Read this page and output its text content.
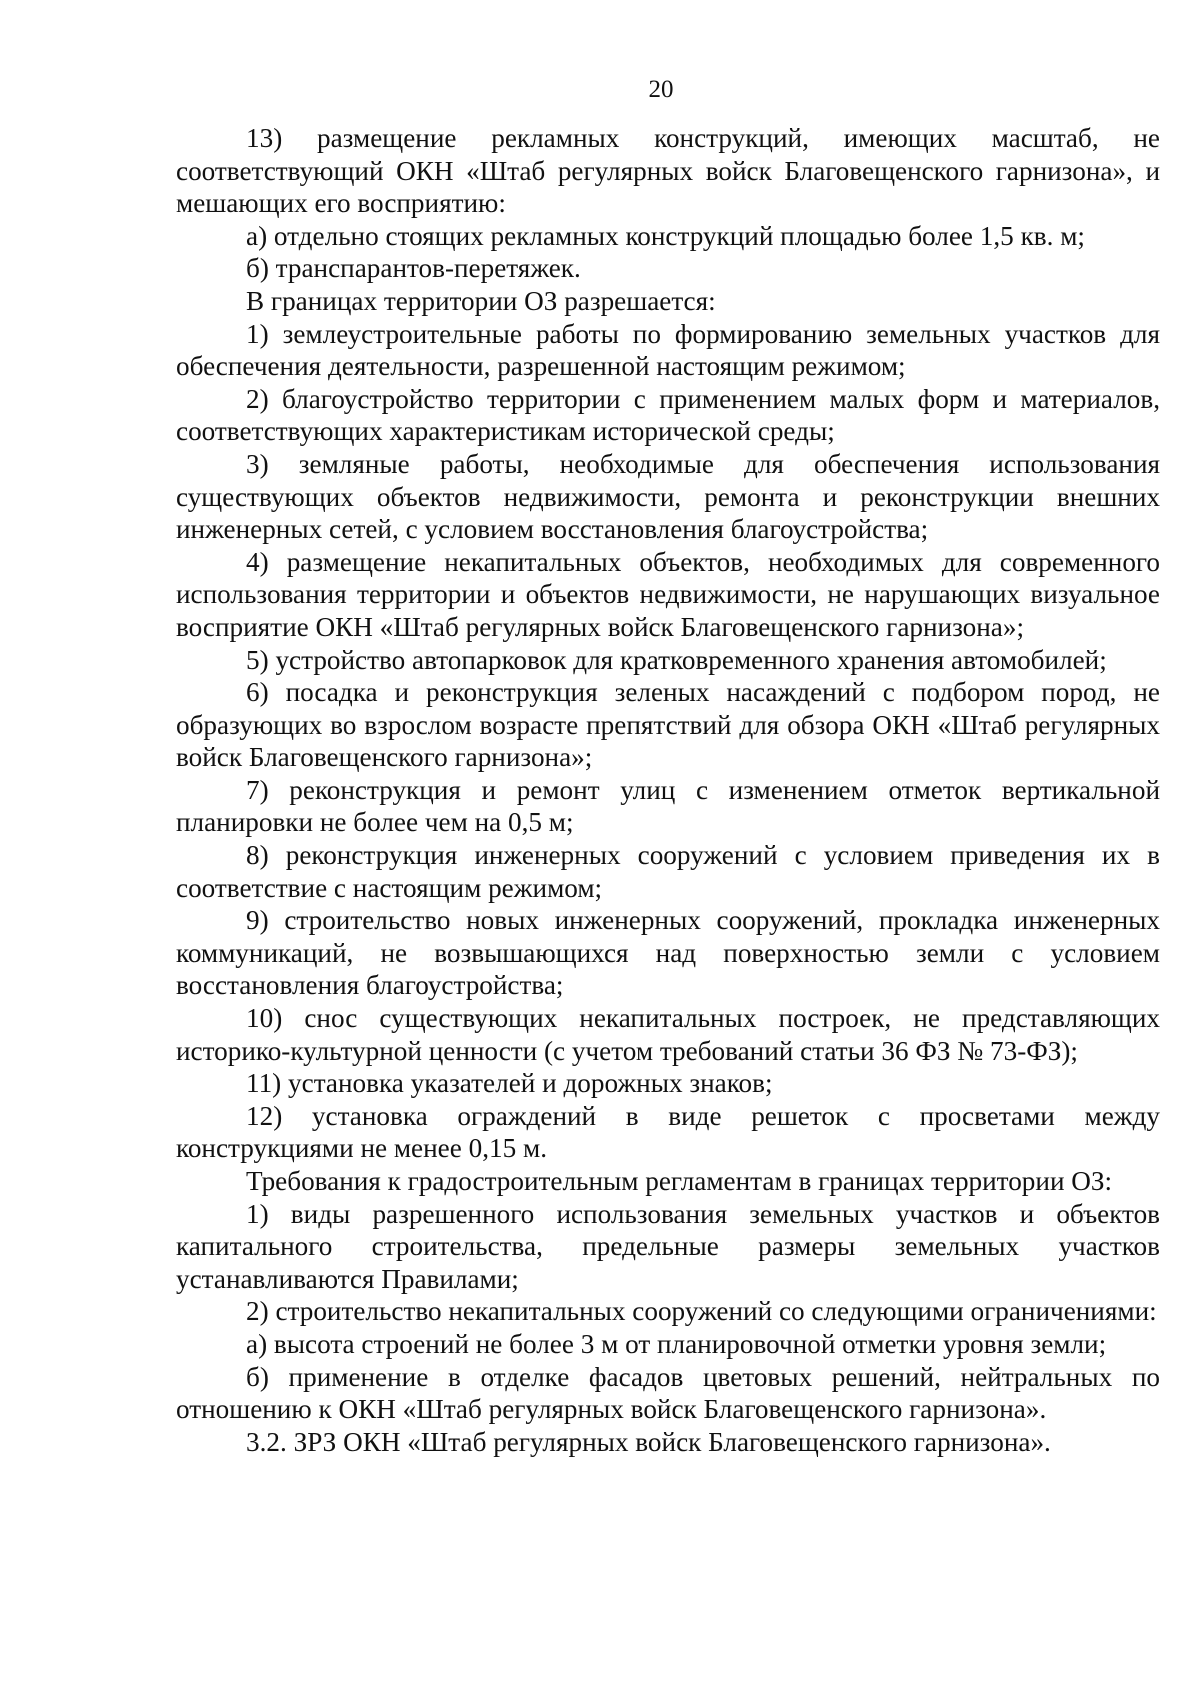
20

13) размещение рекламных конструкций, имеющих масштаб, не соответствующий ОКН «Штаб регулярных войск Благовещенского гарнизона», и мешающих его восприятию:

а) отдельно стоящих рекламных конструкций площадью более 1,5 кв. м;

б) транспарантов-перетяжек.

В границах территории ОЗ разрешается:

1) землеустроительные работы по формированию земельных участков для обеспечения деятельности, разрешенной настоящим режимом;

2) благоустройство территории с применением малых форм и материалов, соответствующих характеристикам исторической среды;

3) земляные работы, необходимые для обеспечения использования существующих объектов недвижимости, ремонта и реконструкции внешних инженерных сетей, с условием восстановления благоустройства;

4) размещение некапитальных объектов, необходимых для современного использования территории и объектов недвижимости, не нарушающих визуальное восприятие ОКН «Штаб регулярных войск Благовещенского гарнизона»;

5) устройство автопарковок для кратковременного хранения автомобилей;

6) посадка и реконструкция зеленых насаждений с подбором пород, не образующих во взрослом возрасте препятствий для обзора ОКН «Штаб регулярных войск Благовещенского гарнизона»;

7) реконструкция и ремонт улиц с изменением отметок вертикальной планировки не более чем на 0,5 м;

8) реконструкция инженерных сооружений с условием приведения их в соответствие с настоящим режимом;

9) строительство новых инженерных сооружений, прокладка инженерных коммуникаций, не возвышающихся над поверхностью земли с условием восстановления благоустройства;

10) снос существующих некапитальных построек, не представляющих историко-культурной ценности (с учетом требований статьи 36 ФЗ № 73-ФЗ);

11) установка указателей и дорожных знаков;

12) установка ограждений в виде решеток с просветами между конструкциями не менее 0,15 м.

Требования к градостроительным регламентам в границах территории ОЗ:

1) виды разрешенного использования земельных участков и объектов капитального строительства, предельные размеры земельных участков устанавливаются Правилами;

2) строительство некапитальных сооружений со следующими ограничениями:

а) высота строений не более 3 м от планировочной отметки уровня земли;

б) применение в отделке фасадов цветовых решений, нейтральных по отношению к ОКН «Штаб регулярных войск Благовещенского гарнизона».

3.2. ЗРЗ ОКН «Штаб регулярных войск Благовещенского гарнизона».
